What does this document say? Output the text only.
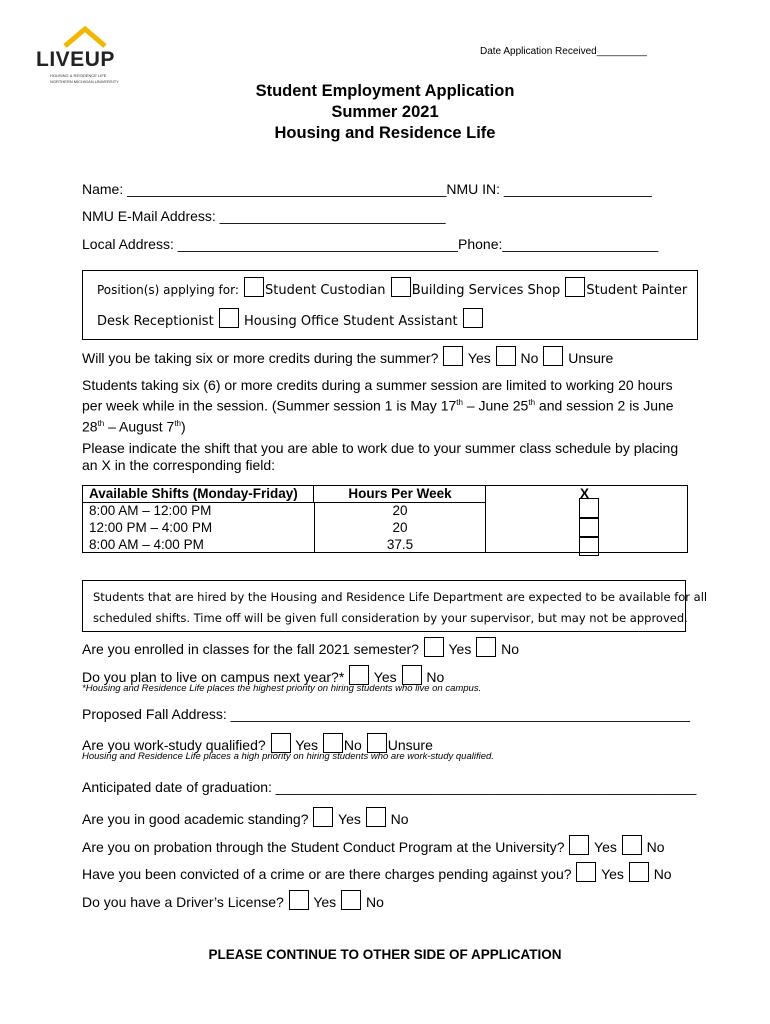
LIVEUP
HOUSING & RESIDENCE LIFE
NORTHERN MICHIGAN UNIVERSITY
Date Application Received_________
Student Employment Application
Summer 2021
Housing and Residence Life
Name: _________________________________________NMU IN: ___________________
NMU E-Mail Address: _____________________________
Local Address: ____________________________________Phone:____________________
Position(s) applying for: Student Custodian Building Services Shop Student Painter
Desk Receptionist Housing Office Student Assistant
Will you be taking six or more credits during the summer? Yes No Unsure
Students taking six (6) or more credits during a summer session are limited to working 20 hours
per week while in the session. (Summer session 1 is May 17th – June 25th and session 2 is June
28th – August 7th)
Please indicate the shift that you are able to work due to your summer class schedule by placing
an X in the corresponding field:
Available Shifts (Monday-Friday)	Hours Per Week	X
8:00 AM – 12:00 PM	20
12:00 PM – 4:00 PM	20
8:00 AM – 4:00 PM	37.5
Students that are hired by the Housing and Residence Life Department are expected to be available for all
scheduled shifts. Time off will be given full consideration by your supervisor, but may not be approved.
Are you enrolled in classes for the fall 2021 semester? Yes No
Do you plan to live on campus next year?* Yes No
*Housing and Residence Life places the highest priority on hiring students who live on campus.
Proposed Fall Address: ___________________________________________________________
Are you work-study qualified? Yes No Unsure
Housing and Residence Life places a high priority on hiring students who are work-study qualified.
Anticipated date of graduation: ______________________________________________________
Are you in good academic standing? Yes No
Are you on probation through the Student Conduct Program at the University? Yes No
Have you been convicted of a crime or are there charges pending against you? Yes No
Do you have a Driver’s License? Yes No
PLEASE CONTINUE TO OTHER SIDE OF APPLICATION
